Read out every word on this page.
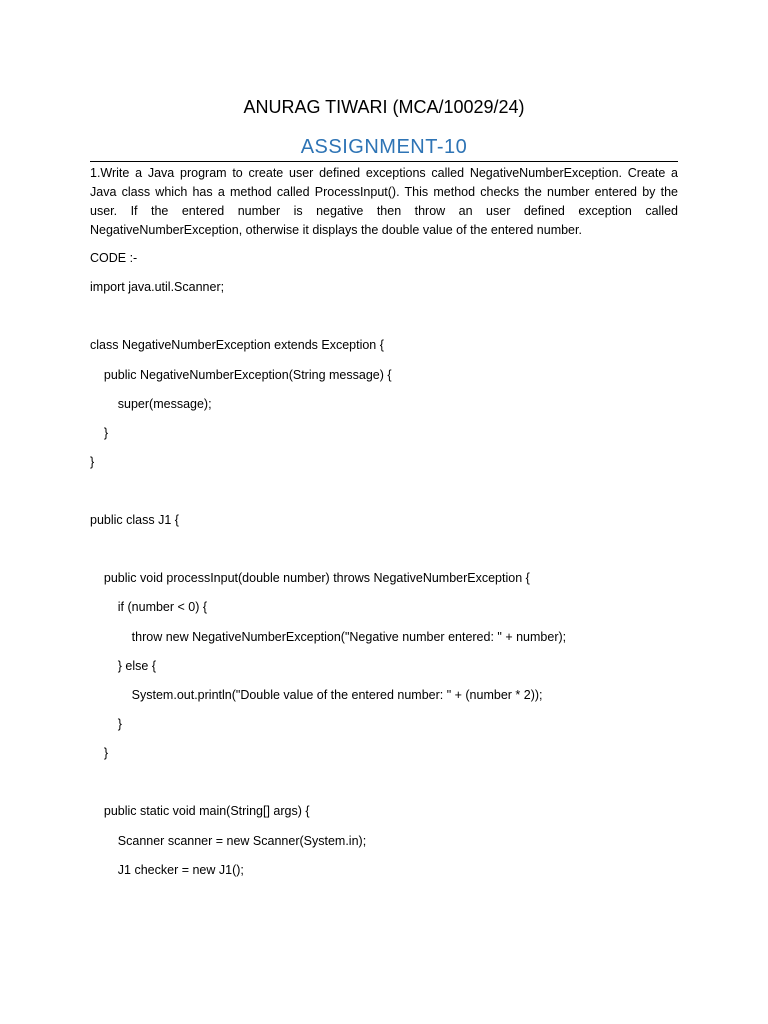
ANURAG TIWARI (MCA/10029/24)
ASSIGNMENT-10
1.Write a Java program to create user defined exceptions called NegativeNumberException. Create a Java class which has a method called ProcessInput(). This method checks the number entered by the user. If the entered number is negative then throw an user defined exception called NegativeNumberException, otherwise it displays the double value of the entered number.
CODE :-
import java.util.Scanner;
class NegativeNumberException extends Exception {
public NegativeNumberException(String message) {
super(message);
}
}
public class J1 {
public void processInput(double number) throws NegativeNumberException {
if (number < 0) {
throw new NegativeNumberException("Negative number entered: " + number);
} else {
System.out.println("Double value of the entered number: " + (number * 2));
}
}
public static void main(String[] args) {
Scanner scanner = new Scanner(System.in);
J1 checker = new J1();
